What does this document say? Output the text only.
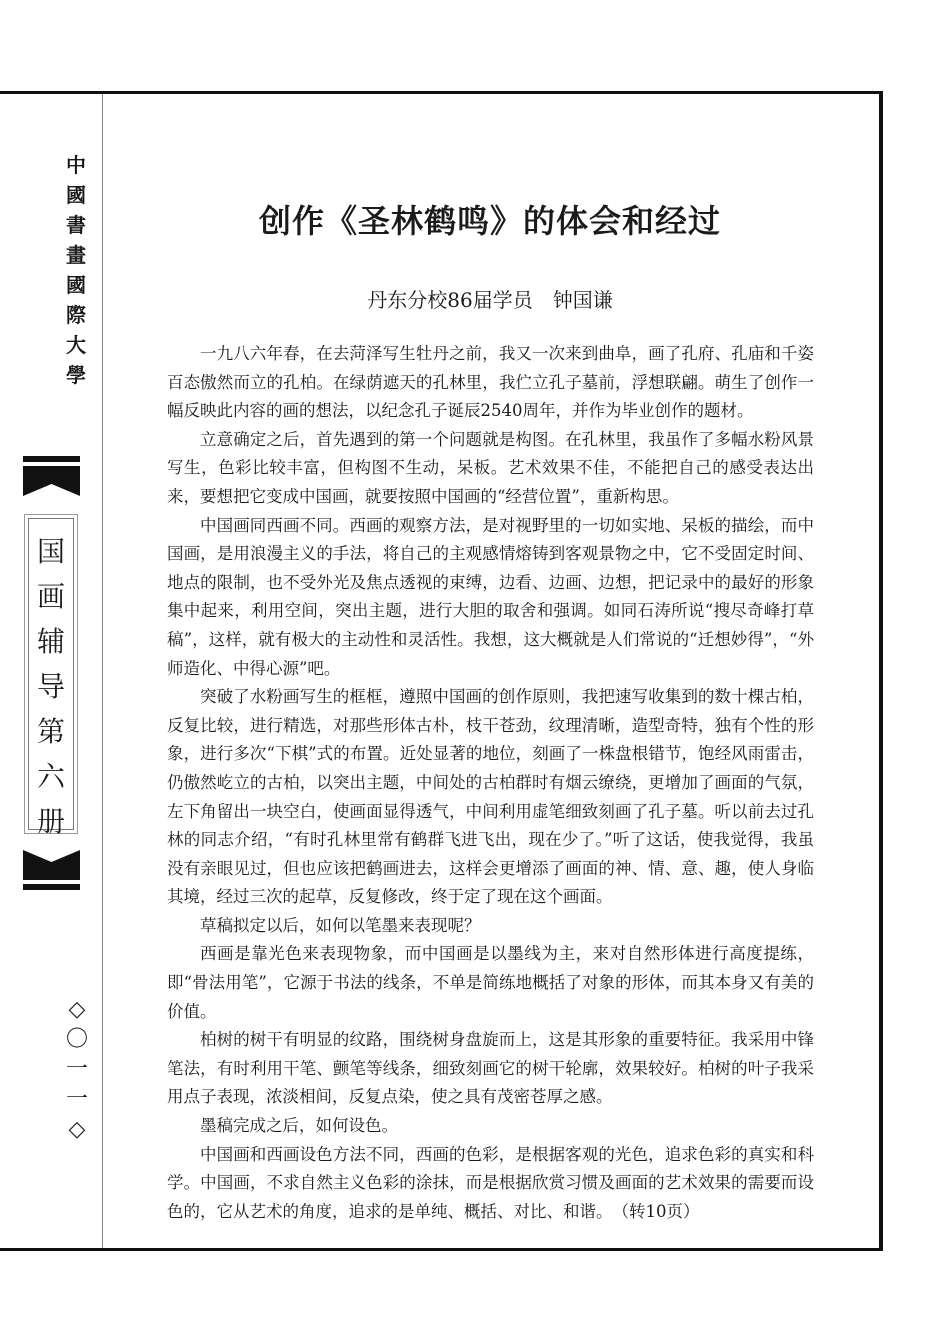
中國書畫國際大學
国画辅导第六册
◇〇一一◇
创作《圣林鹤鸣》的体会和经过
丹东分校86届学员 钟国谦

一九八六年春，在去菏泽写生牡丹之前，我又一次来到曲阜，画了孔府、孔庙和千姿百态傲然而立的孔柏。在绿荫遮天的孔林里，我伫立孔子墓前，浮想联翩。萌生了创作一幅反映此内容的画的想法，以纪念孔子诞辰2540周年，并作为毕业创作的题材。

立意确定之后，首先遇到的第一个问题就是构图。在孔林里，我虽作了多幅水粉风景写生，色彩比较丰富，但构图不生动，呆板。艺术效果不佳，不能把自己的感受表达出来，要想把它变成中国画，就要按照中国画的“经营位置”，重新构思。

中国画同西画不同。西画的观察方法，是对视野里的一切如实地、呆板的描绘，而中国画，是用浪漫主义的手法，将自己的主观感情熔铸到客观景物之中，它不受固定时间、地点的限制，也不受外光及焦点透视的束缚，边看、边画、边想，把记录中的最好的形象集中起来，利用空间，突出主题，进行大胆的取舍和强调。如同石涛所说“搜尽奇峰打草稿”，这样，就有极大的主动性和灵活性。我想，这大概就是人们常说的“迁想妙得”，“外师造化、中得心源”吧。

突破了水粉画写生的框框，遵照中国画的创作原则，我把速写收集到的数十棵古柏，反复比较，进行精选，对那些形体古朴，枝干苍劲，纹理清晰，造型奇特，独有个性的形象，进行多次“下棋”式的布置。近处显著的地位，刻画了一株盘根错节，饱经风雨雷击，仍傲然屹立的古柏，以突出主题，中间处的古柏群时有烟云缭绕，更增加了画面的气氛，左下角留出一块空白，使画面显得透气，中间利用虚笔细致刻画了孔子墓。听以前去过孔林的同志介绍，“有时孔林里常有鹤群飞进飞出，现在少了。”听了这话，使我觉得，我虽没有亲眼见过，但也应该把鹤画进去，这样会更增添了画面的神、情、意、趣，使人身临其境，经过三次的起草，反复修改，终于定了现在这个画面。

草稿拟定以后，如何以笔墨来表现呢？

西画是靠光色来表现物象，而中国画是以墨线为主，来对自然形体进行高度提练，即“骨法用笔”，它源于书法的线条，不单是简练地概括了对象的形体，而其本身又有美的价值。

柏树的树干有明显的纹路，围绕树身盘旋而上，这是其形象的重要特征。我采用中锋笔法，有时利用干笔、颤笔等线条，细致刻画它的树干轮廓，效果较好。柏树的叶子我采用点子表现，浓淡相间，反复点染，使之具有茂密苍厚之感。

墨稿完成之后，如何设色。

中国画和西画设色方法不同，西画的色彩，是根据客观的光色，追求色彩的真实和科学。中国画，不求自然主义色彩的涂抹，而是根据欣赏习惯及画面的艺术效果的需要而设色的，它从艺术的角度，追求的是单纯、概括、对比、和谐。　（转10页）
